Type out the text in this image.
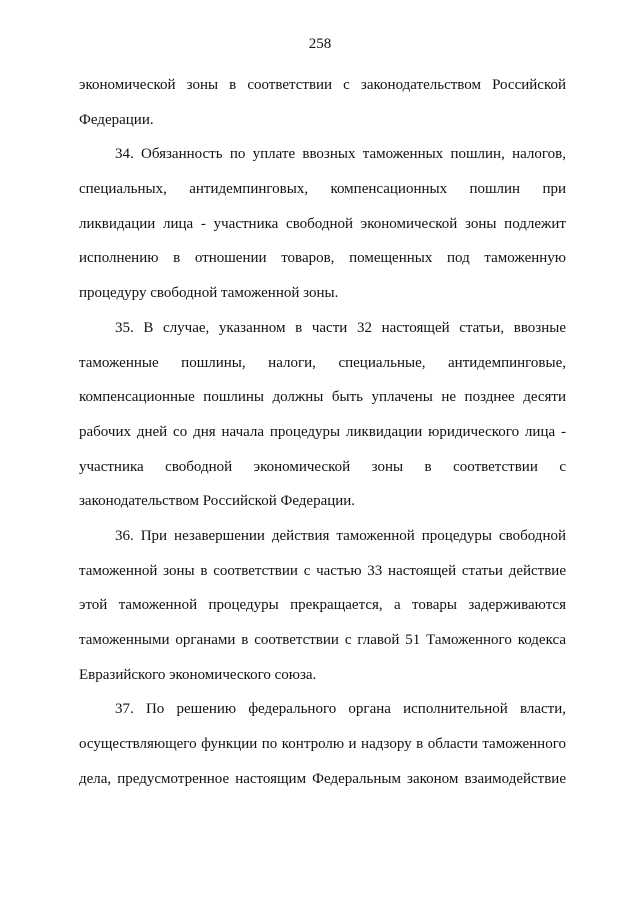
258
экономической зоны в соответствии с законодательством Российской
Федерации.
34. Обязанность по уплате ввозных таможенных пошлин, налогов,
специальных, антидемпинговых, компенсационных пошлин при
ликвидации лица - участника свободной экономической зоны подлежит
исполнению в отношении товаров, помещенных под таможенную
процедуру свободной таможенной зоны.
35. В случае, указанном в части 32 настоящей статьи, ввозные
таможенные пошлины, налоги, специальные, антидемпинговые,
компенсационные пошлины должны быть уплачены не позднее десяти
рабочих дней со дня начала процедуры ликвидации юридического лица -
участника свободной экономической зоны в соответствии с
законодательством Российской Федерации.
36. При незавершении действия таможенной процедуры свободной
таможенной зоны в соответствии с частью 33 настоящей статьи действие
этой таможенной процедуры прекращается, а товары задерживаются
таможенными органами в соответствии с главой 51 Таможенного кодекса
Евразийского экономического союза.
37. По решению федерального органа исполнительной власти,
осуществляющего функции по контролю и надзору в области таможенного
дела, предусмотренное настоящим Федеральным законом взаимодействие
